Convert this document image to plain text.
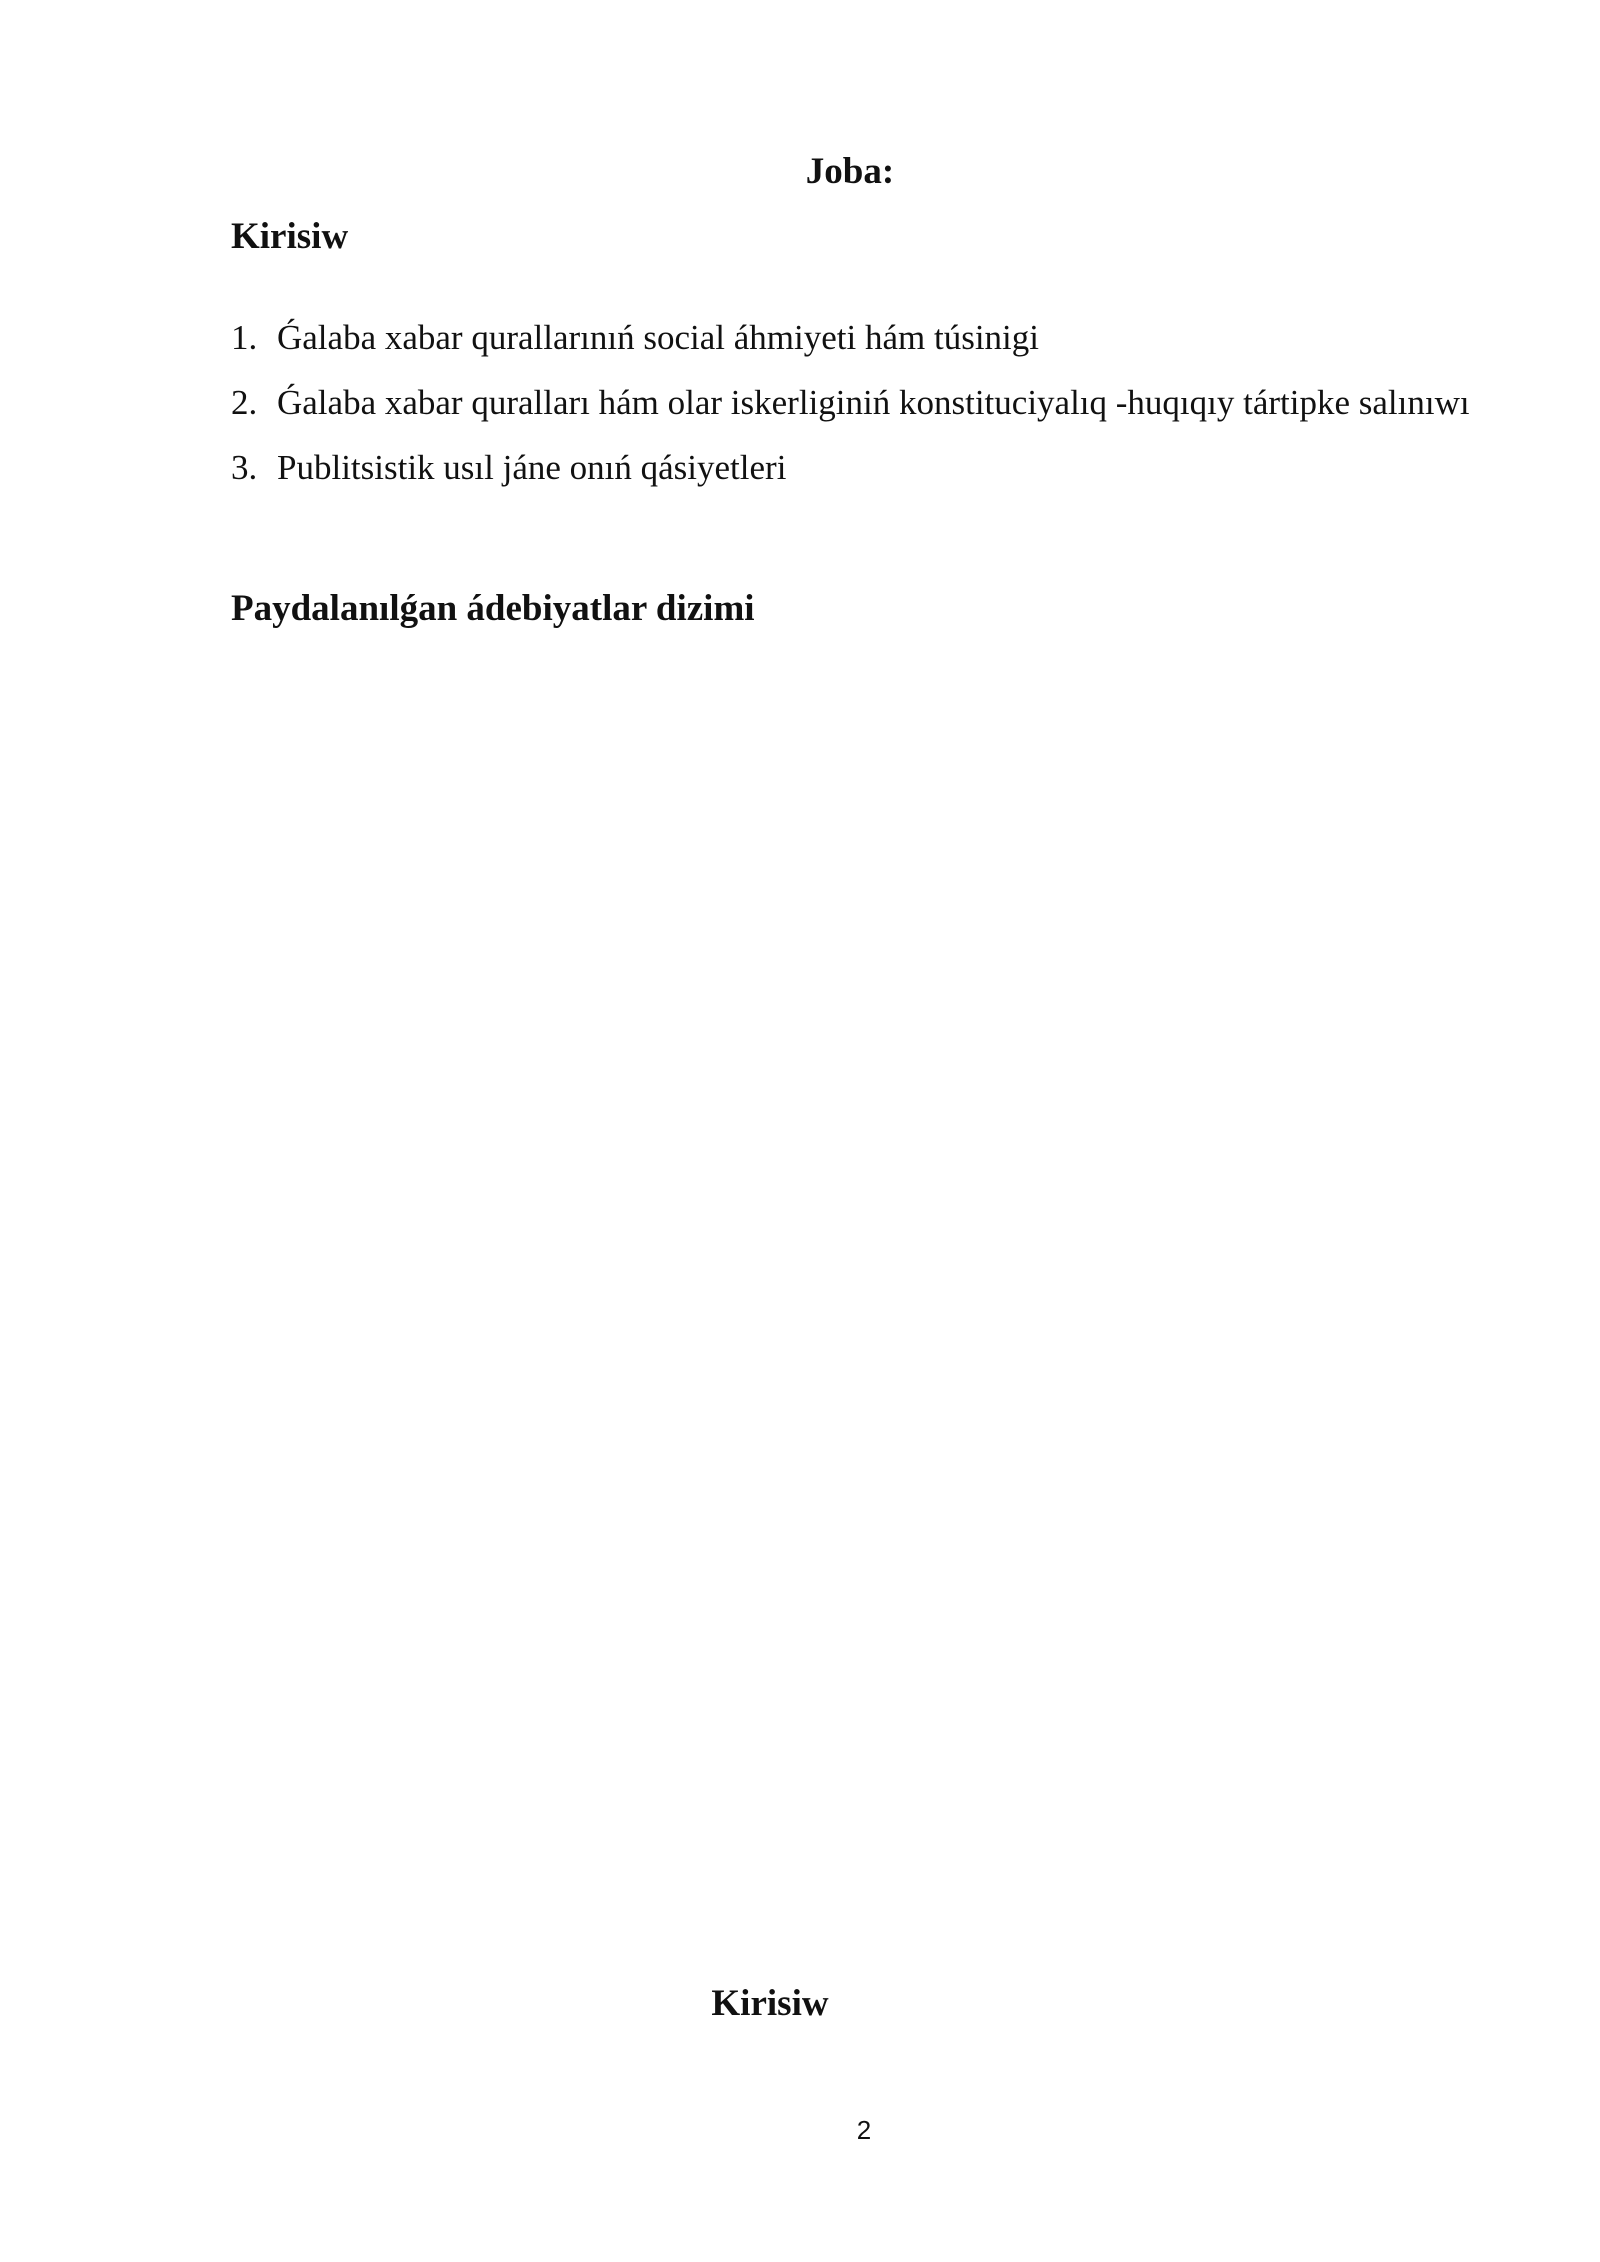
Joba:
Kirisiw
1. Ǵalaba xabar qurallarınıń social áhmiyeti hám túsinigi
2. Ǵalaba xabar quralları hám olar iskerliginiń konstituciyalıq -huqıqıy tártipke salınıwı
3. Publitsistik usıl jáne onıń qásiyetleri
Paydalanılǵan ádebiyatlar dizimi
Kirisiw
2
